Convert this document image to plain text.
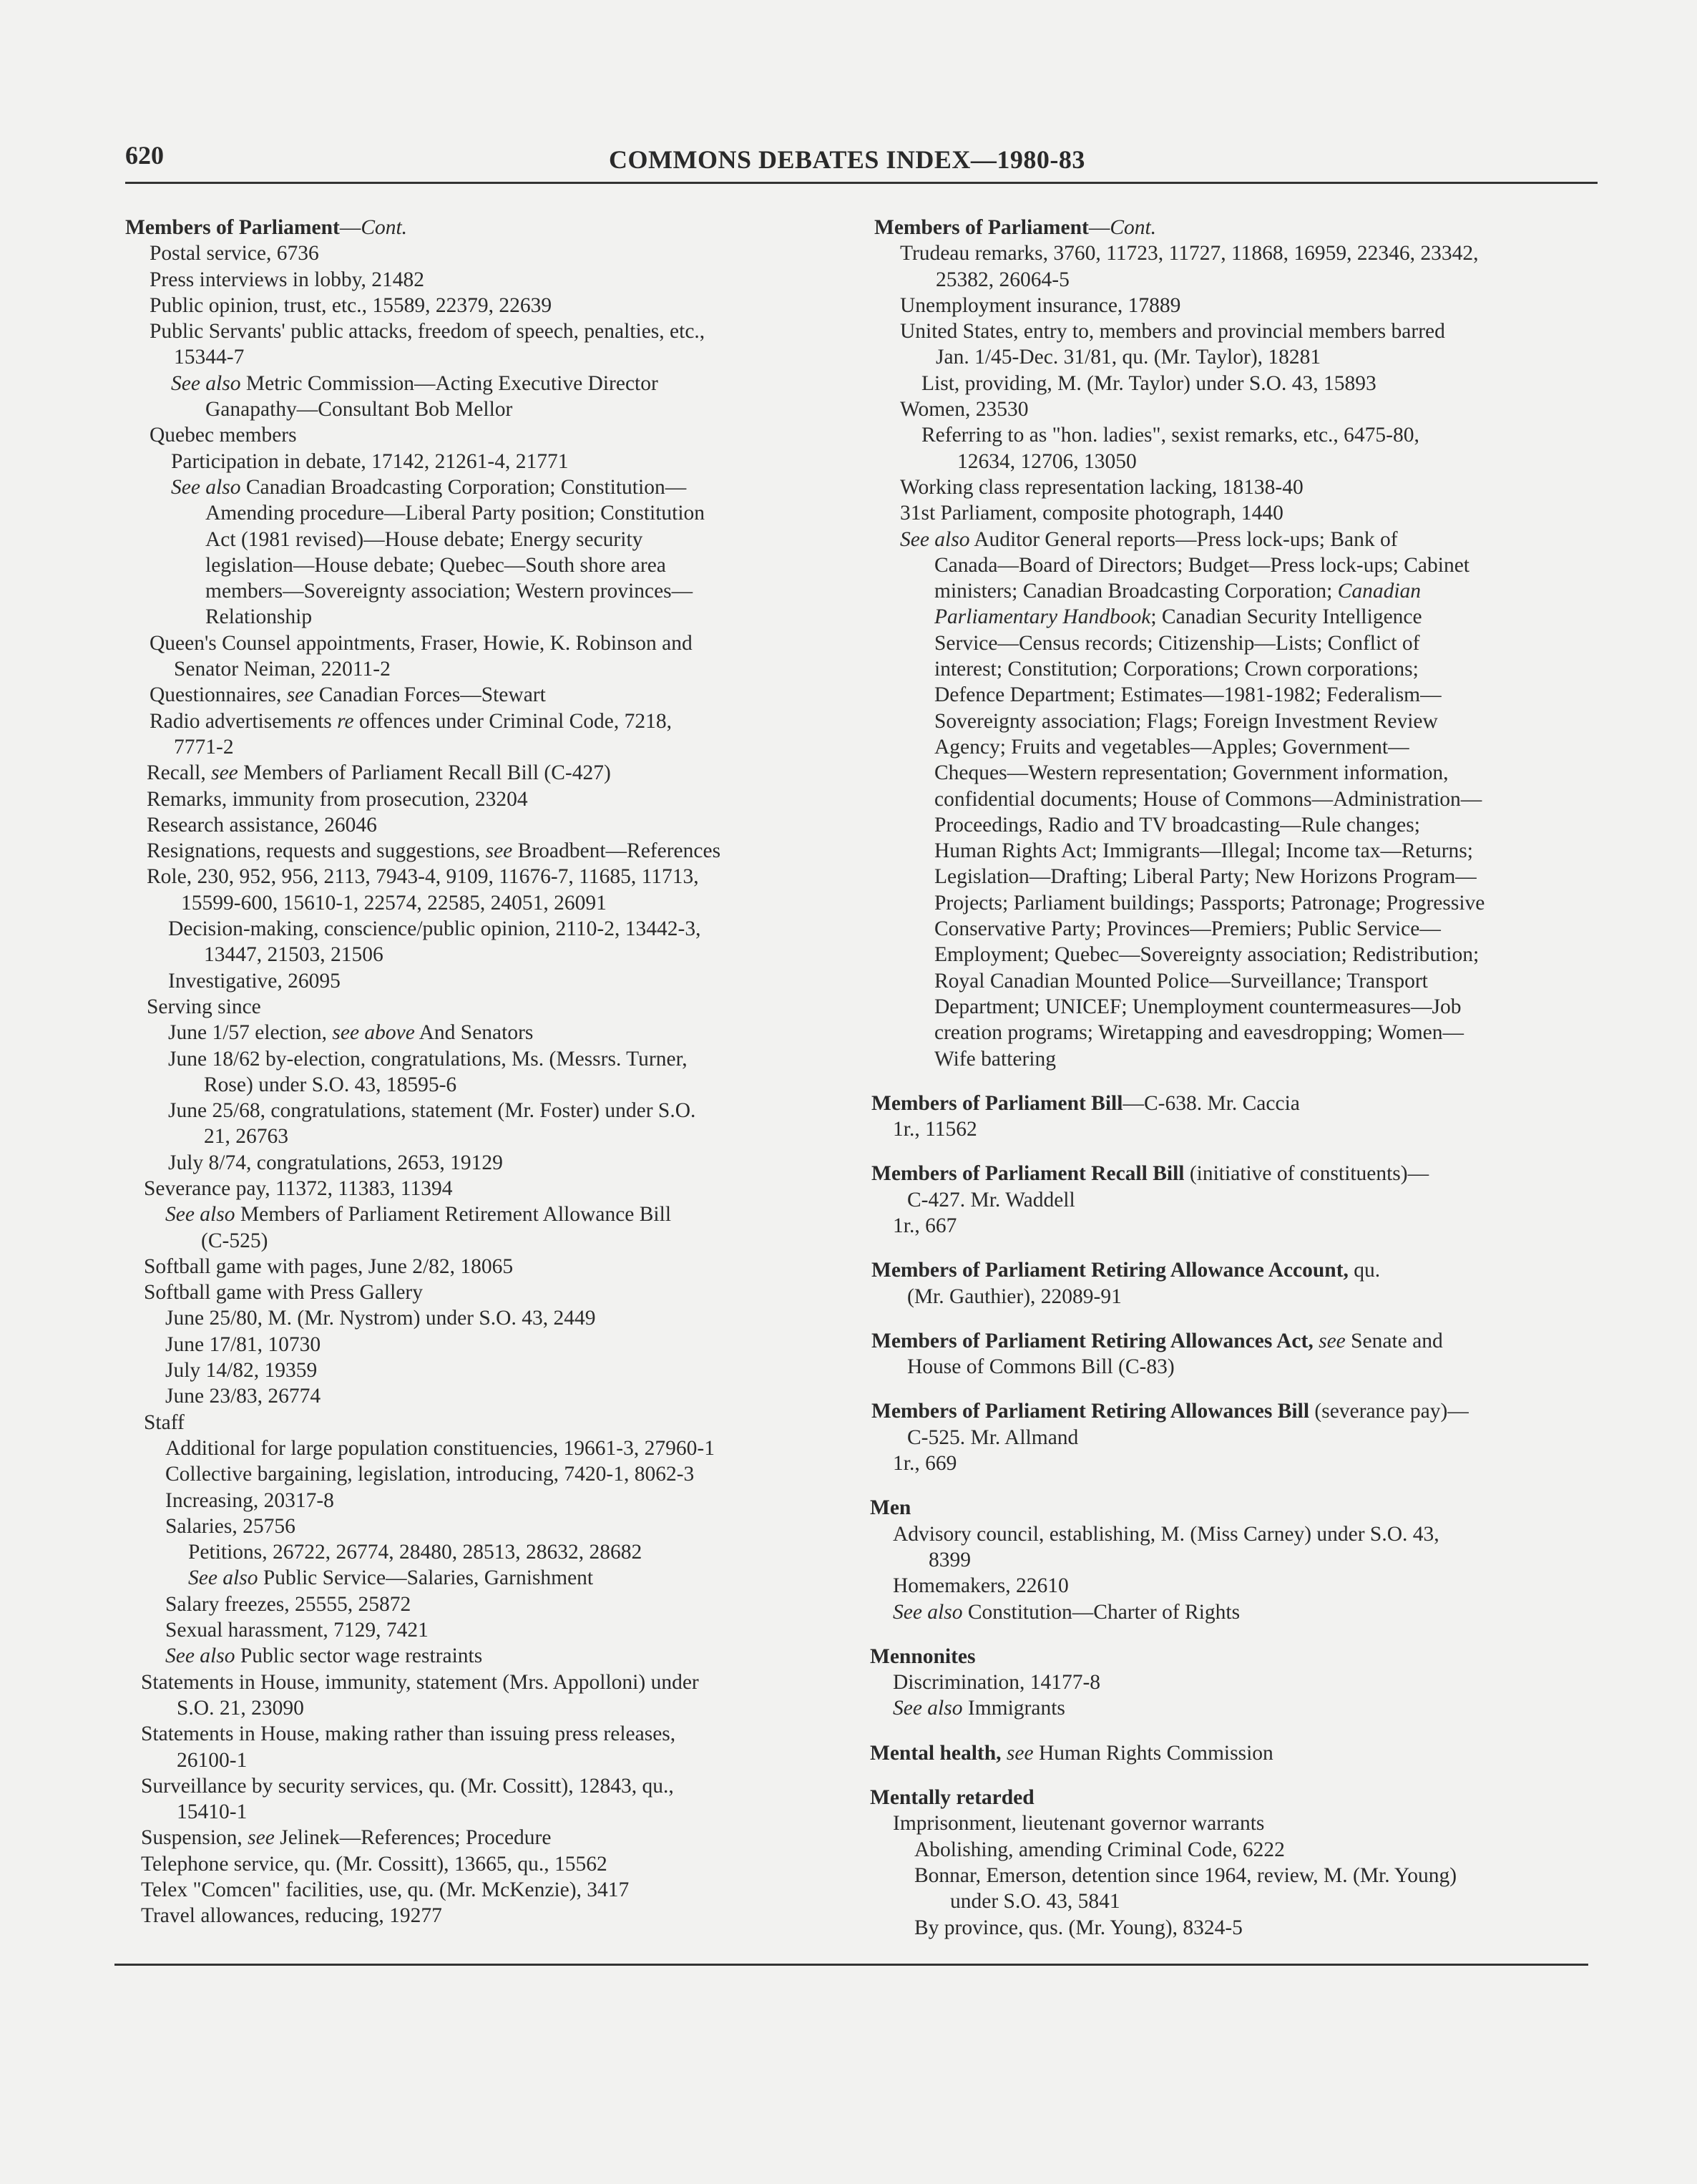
620	COMMONS DEBATES INDEX—1980-83
Members of Parliament—Cont.
Postal service, 6736
Press interviews in lobby, 21482
Public opinion, trust, etc., 15589, 22379, 22639
Public Servants' public attacks, freedom of speech, penalties, etc.,
15344-7
See also Metric Commission—Acting Executive Director
Ganapathy—Consultant Bob Mellor
Quebec members
Participation in debate, 17142, 21261-4, 21771
See also Canadian Broadcasting Corporation; Constitution—
Amending procedure—Liberal Party position; Constitution
Act (1981 revised)—House debate; Energy security
legislation—House debate; Quebec—South shore area
members—Sovereignty association; Western provinces—
Relationship
Queen's Counsel appointments, Fraser, Howie, K. Robinson and
Senator Neiman, 22011-2
Questionnaires, see Canadian Forces—Stewart
Radio advertisements re offences under Criminal Code, 7218,
7771-2
Recall, see Members of Parliament Recall Bill (C-427)
Remarks, immunity from prosecution, 23204
Research assistance, 26046
Resignations, requests and suggestions, see Broadbent—References
Role, 230, 952, 956, 2113, 7943-4, 9109, 11676-7, 11685, 11713,
15599-600, 15610-1, 22574, 22585, 24051, 26091
Decision-making, conscience/public opinion, 2110-2, 13442-3,
13447, 21503, 21506
Investigative, 26095
Serving since
June 1/57 election, see above And Senators
June 18/62 by-election, congratulations, Ms. (Messrs. Turner,
Rose) under S.O. 43, 18595-6
June 25/68, congratulations, statement (Mr. Foster) under S.O.
21, 26763
July 8/74, congratulations, 2653, 19129
Severance pay, 11372, 11383, 11394
See also Members of Parliament Retirement Allowance Bill
(C-525)
Softball game with pages, June 2/82, 18065
Softball game with Press Gallery
June 25/80, M. (Mr. Nystrom) under S.O. 43, 2449
June 17/81, 10730
July 14/82, 19359
June 23/83, 26774
Staff
Additional for large population constituencies, 19661-3, 27960-1
Collective bargaining, legislation, introducing, 7420-1, 8062-3
Increasing, 20317-8
Salaries, 25756
Petitions, 26722, 26774, 28480, 28513, 28632, 28682
See also Public Service—Salaries, Garnishment
Salary freezes, 25555, 25872
Sexual harassment, 7129, 7421
See also Public sector wage restraints
Statements in House, immunity, statement (Mrs. Appolloni) under
S.O. 21, 23090
Statements in House, making rather than issuing press releases,
26100-1
Surveillance by security services, qu. (Mr. Cossitt), 12843, qu.,
15410-1
Suspension, see Jelinek—References; Procedure
Telephone service, qu. (Mr. Cossitt), 13665, qu., 15562
Telex "Comcen" facilities, use, qu. (Mr. McKenzie), 3417
Travel allowances, reducing, 19277
Members of Parliament—Cont.
Trudeau remarks, 3760, 11723, 11727, 11868, 16959, 22346, 23342,
25382, 26064-5
Unemployment insurance, 17889
United States, entry to, members and provincial members barred
Jan. 1/45-Dec. 31/81, qu. (Mr. Taylor), 18281
List, providing, M. (Mr. Taylor) under S.O. 43, 15893
Women, 23530
Referring to as "hon. ladies", sexist remarks, etc., 6475-80,
12634, 12706, 13050
Working class representation lacking, 18138-40
31st Parliament, composite photograph, 1440
See also Auditor General reports—Press lock-ups; Bank of
Canada—Board of Directors; Budget—Press lock-ups; Cabinet
ministers; Canadian Broadcasting Corporation; Canadian
Parliamentary Handbook; Canadian Security Intelligence
Service—Census records; Citizenship—Lists; Conflict of
interest; Constitution; Corporations; Crown corporations;
Defence Department; Estimates—1981-1982; Federalism—
Sovereignty association; Flags; Foreign Investment Review
Agency; Fruits and vegetables—Apples; Government—
Cheques—Western representation; Government information,
confidential documents; House of Commons—Administration—
Proceedings, Radio and TV broadcasting—Rule changes;
Human Rights Act; Immigrants—Illegal; Income tax—Returns;
Legislation—Drafting; Liberal Party; New Horizons Program—
Projects; Parliament buildings; Passports; Patronage; Progressive
Conservative Party; Provinces—Premiers; Public Service—
Employment; Quebec—Sovereignty association; Redistribution;
Royal Canadian Mounted Police—Surveillance; Transport
Department; UNICEF; Unemployment countermeasures—Job
creation programs; Wiretapping and eavesdropping; Women—
Wife battering
Members of Parliament Bill—C-638. Mr. Caccia
1r., 11562
Members of Parliament Recall Bill (initiative of constituents)—
C-427. Mr. Waddell
1r., 667
Members of Parliament Retiring Allowance Account, qu.
(Mr. Gauthier), 22089-91
Members of Parliament Retiring Allowances Act, see Senate and
House of Commons Bill (C-83)
Members of Parliament Retiring Allowances Bill (severance pay)—
C-525. Mr. Allmand
1r., 669
Men
Advisory council, establishing, M. (Miss Carney) under S.O. 43,
8399
Homemakers, 22610
See also Constitution—Charter of Rights
Mennonites
Discrimination, 14177-8
See also Immigrants
Mental health, see Human Rights Commission
Mentally retarded
Imprisonment, lieutenant governor warrants
Abolishing, amending Criminal Code, 6222
Bonnar, Emerson, detention since 1964, review, M. (Mr. Young)
under S.O. 43, 5841
By province, qus. (Mr. Young), 8324-5
